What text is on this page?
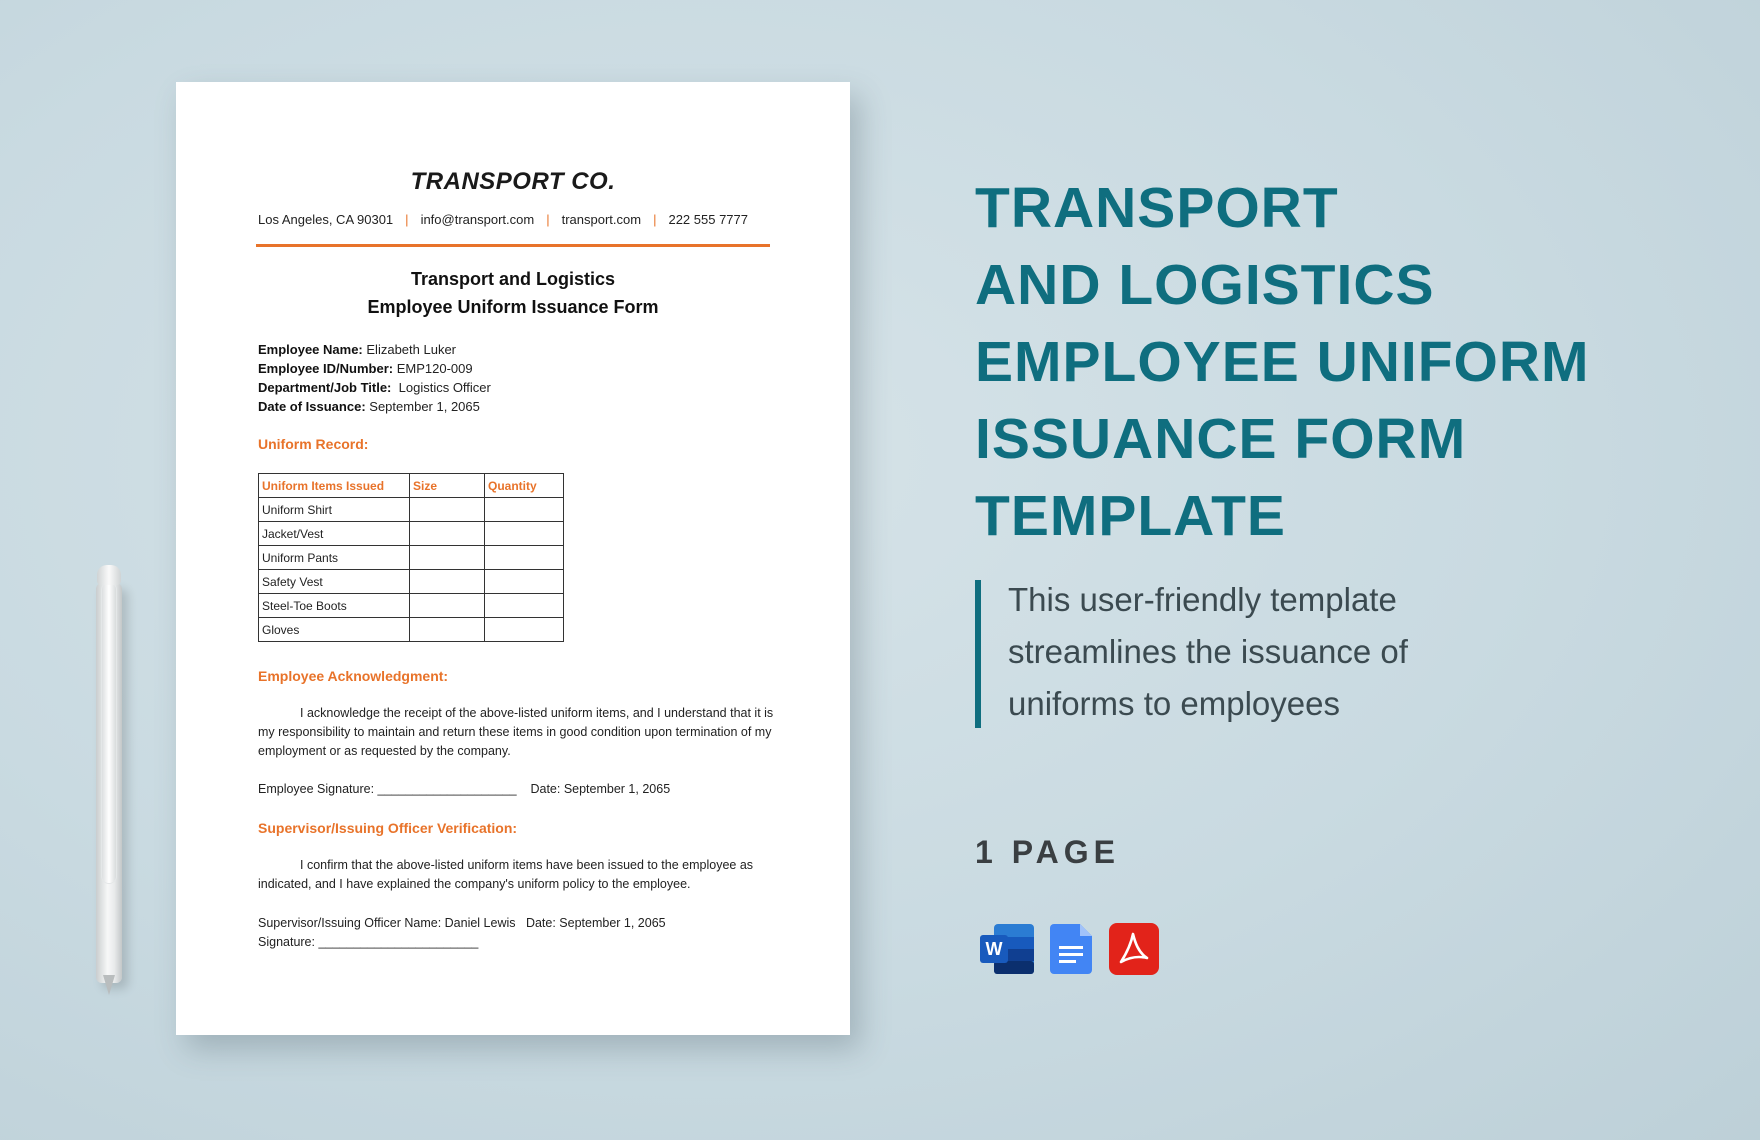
TRANSPORT CO.
Los Angeles, CA 90301 | info@transport.com | transport.com | 222 555 7777
Transport and Logistics
Employee Uniform Issuance Form
Employee Name: Elizabeth Luker
Employee ID/Number: EMP120-009
Department/Job Title: Logistics Officer
Date of Issuance: September 1, 2065
Uniform Record:
Uniform Items Issued	Size	Quantity
Uniform Shirt		
Jacket/Vest		
Uniform Pants		
Safety Vest		
Steel-Toe Boots		
Gloves		
Employee Acknowledgment:
I acknowledge the receipt of the above-listed uniform items, and I understand that it is my responsibility to maintain and return these items in good condition upon termination of my employment or as requested by the company.
Employee Signature: ____________________ Date: September 1, 2065
Supervisor/Issuing Officer Verification:
I confirm that the above-listed uniform items have been issued to the employee as indicated, and I have explained the company's uniform policy to the employee.
Supervisor/Issuing Officer Name: Daniel Lewis Date: September 1, 2065
Signature: _______________________
TRANSPORT
AND LOGISTICS
EMPLOYEE UNIFORM
ISSUANCE FORM
TEMPLATE
This user-friendly template
streamlines the issuance of
uniforms to employees
1 PAGE
W
